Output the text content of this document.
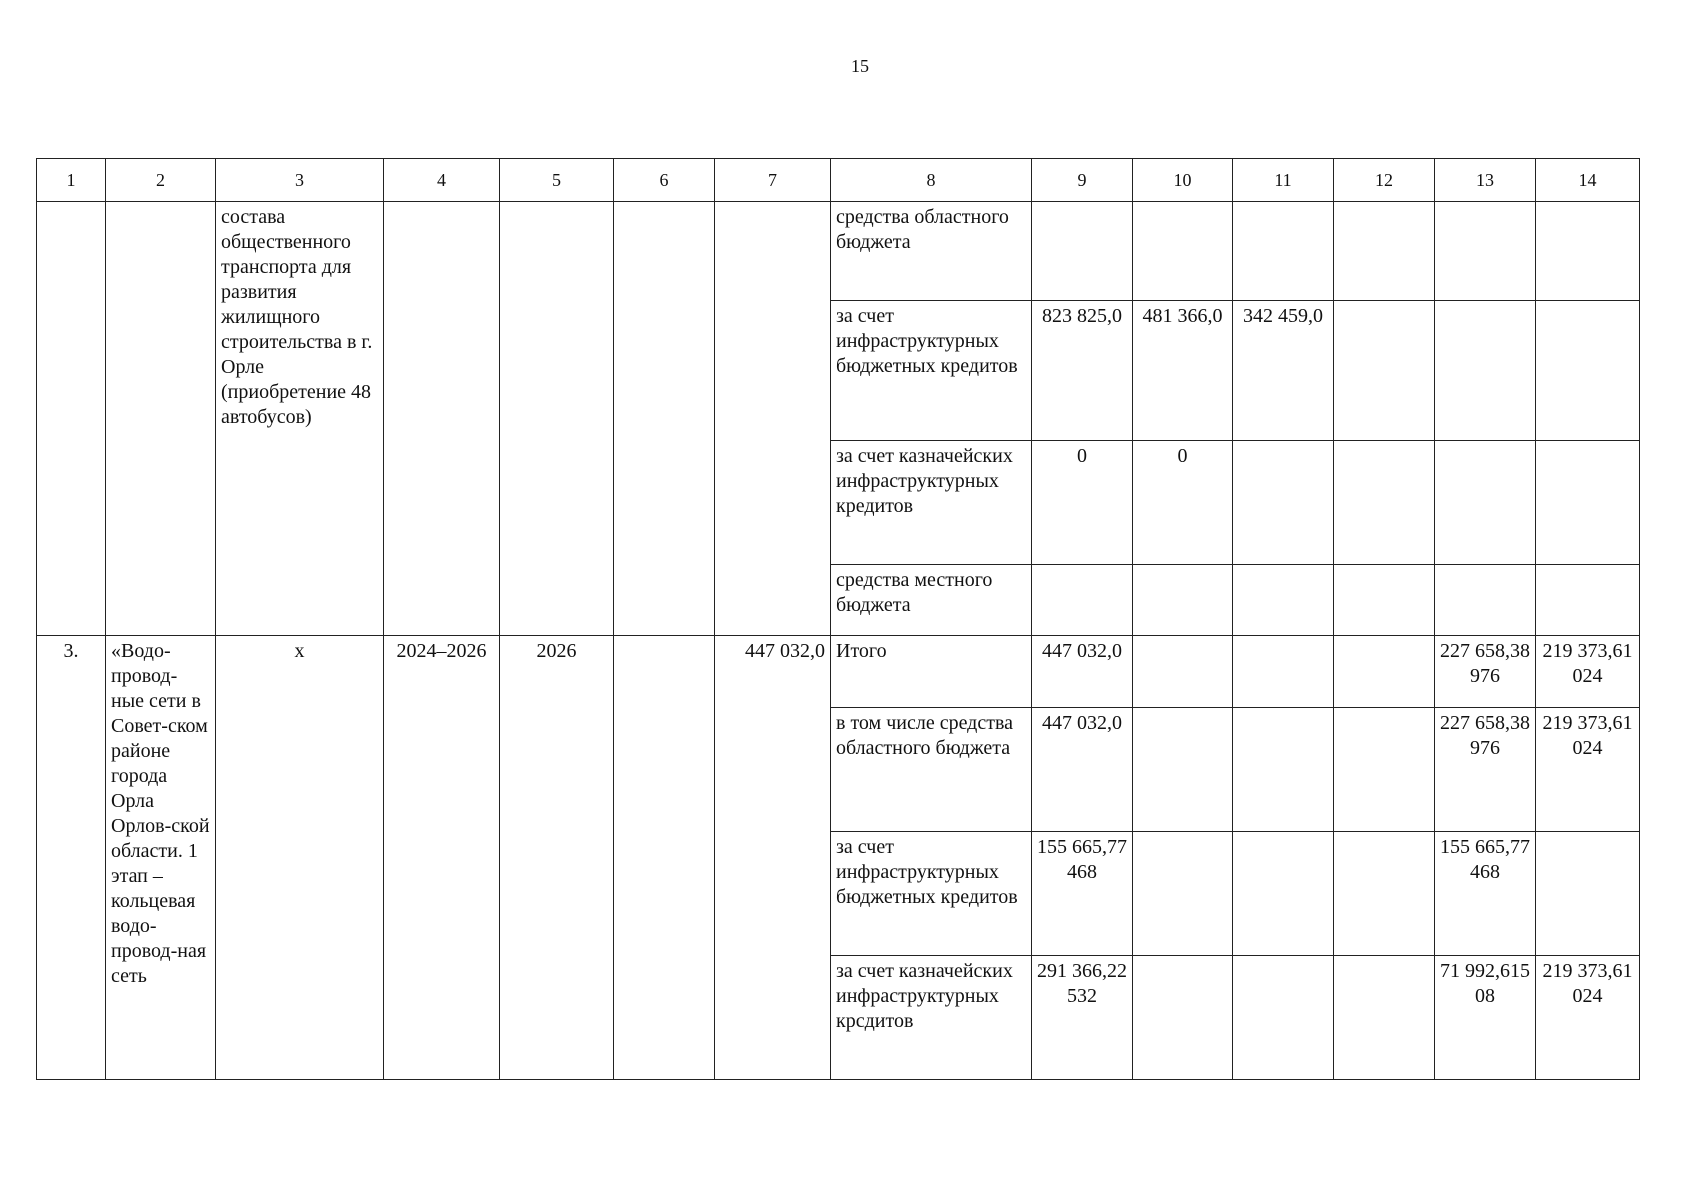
15
1	2	3	4	5	6	7	8	9	10	11	12	13	14
		состава общественного транспорта для развития жилищного строительства в г. Орле (приобретение 48 автобусов)					средства областного бюджета						
							за счет инфраструктурных бюджетных кредитов	823 825,0	481 366,0	342 459,0			
							за счет казначейских инфраструктурных кредитов	0	0				
							средства местного бюджета						
3.	«Водо-провод-ные сети в Совет-ском районе города Орла Орлов-ской области. 1 этап – кольцевая водо-провод-ная сеть	х	2024–2026	2026		447 032,0	Итого	447 032,0				227 658,38976	219 373,61024
							в том числе средства областного бюджета	447 032,0				227 658,38976	219 373,61024
							за счет инфраструктурных бюджетных кредитов	155 665,77468				155 665,77468	
							за счет казначейских инфраструктурных крсдитов	291 366,22532				71 992,61508	219 373,61024
